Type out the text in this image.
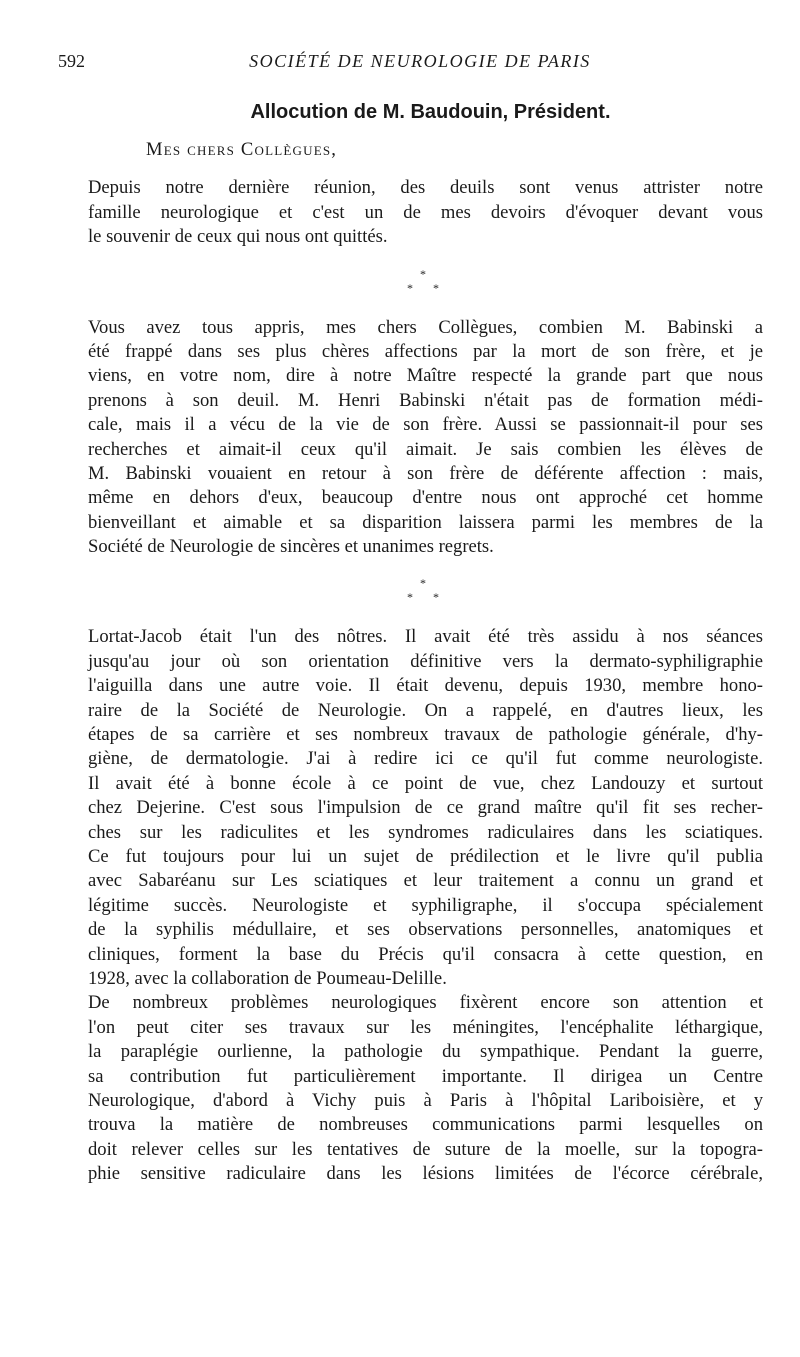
592	SOCIÉTÉ DE NEUROLOGIE DE PARIS
Allocution de M. Baudouin, Président.
Mes chers Collègues,

Depuis notre dernière réunion, des deuils sont venus attrister notre
famille neurologique et c'est un de mes devoirs d'évoquer devant vous
le souvenir de ceux qui nous ont quittés.

*
* *

Vous avez tous appris, mes chers Collègues, combien M. Babinski a
été frappé dans ses plus chères affections par la mort de son frère, et je
viens, en votre nom, dire à notre Maître respecté la grande part que nous
prenons à son deuil. M. Henri Babinski n'était pas de formation médi-
cale, mais il a vécu de la vie de son frère. Aussi se passionnait-il pour ses
recherches et aimait-il ceux qu'il aimait. Je sais combien les élèves de
M. Babinski vouaient en retour à son frère de déférente affection : mais,
même en dehors d'eux, beaucoup d'entre nous ont approché cet homme
bienveillant et aimable et sa disparition laissera parmi les membres de la
Société de Neurologie de sincères et unanimes regrets.

*
* *

Lortat-Jacob était l'un des nôtres. Il avait été très assidu à nos séances
jusqu'au jour où son orientation définitive vers la dermato-syphiligraphie
l'aiguilla dans une autre voie. Il était devenu, depuis 1930, membre hono-
raire de la Société de Neurologie. On a rappelé, en d'autres lieux, les
étapes de sa carrière et ses nombreux travaux de pathologie générale, d'hy-
giène, de dermatologie. J'ai à redire ici ce qu'il fut comme neurologiste.
Il avait été à bonne école à ce point de vue, chez Landouzy et surtout
chez Dejerine. C'est sous l'impulsion de ce grand maître qu'il fit ses recher-
ches sur les radiculites et les syndromes radiculaires dans les sciatiques.
Ce fut toujours pour lui un sujet de prédilection et le livre qu'il publia
avec Sabaréanu sur Les sciatiques et leur traitement a connu un grand et
légitime succès. Neurologiste et syphiligraphe, il s'occupa spécialement
de la syphilis médullaire, et ses observations personnelles, anatomiques et
cliniques, forment la base du Précis qu'il consacra à cette question, en
1928, avec la collaboration de Poumeau-Delille.

De nombreux problèmes neurologiques fixèrent encore son attention et
l'on peut citer ses travaux sur les méningites, l'encéphalite léthargique,
la paraplégie ourlienne, la pathologie du sympathique. Pendant la guerre,
sa contribution fut particulièrement importante. Il dirigea un Centre
Neurologique, d'abord à Vichy puis à Paris à l'hôpital Lariboisière, et y
trouva la matière de nombreuses communications parmi lesquelles on
doit relever celles sur les tentatives de suture de la moelle, sur la topogra-
phie sensitive radiculaire dans les lésions limitées de l'écorce cérébrale,
